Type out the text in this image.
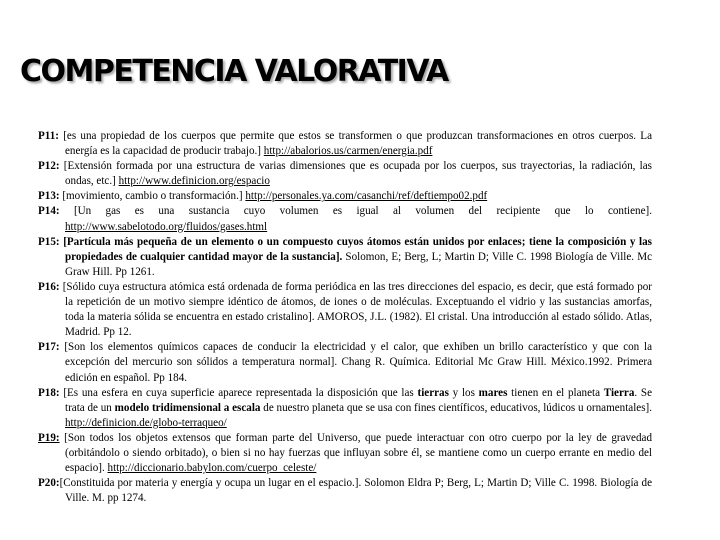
COMPETENCIA VALORATIVA

P11: [es una propiedad de los cuerpos que permite que estos se transformen o que produzcan transformaciones en otros cuerpos. La energía es la capacidad de producir trabajo.] http://abalorios.us/carmen/energia.pdf

P12: [Extensión formada por una estructura de varias dimensiones que es ocupada por los cuerpos, sus trayectorias, la radiación, las ondas, etc.] http://www.definicion.org/espacio

P13: [movimiento, cambio o transformación.] http://personales.ya.com/casanchi/ref/deftiempo02.pdf

P14: [Un gas es una sustancia cuyo volumen es igual al volumen del recipiente que lo contiene]. http://www.sabelotodo.org/fluidos/gases.html

P15: [Partícula más pequeña de un elemento o un compuesto cuyos átomos están unidos por enlaces; tiene la composición y las propiedades de cualquier cantidad mayor de la sustancia]. Solomon, E; Berg, L; Martin D; Ville C. 1998 Biología de Ville. Mc Graw Hill. Pp 1261.

P16: [Sólido cuya estructura atómica está ordenada de forma periódica en las tres direcciones del espacio, es decir, que está formado por la repetición de un motivo siempre idéntico de átomos, de iones o de moléculas. Exceptuando el vidrio y las sustancias amorfas, toda la materia sólida se encuentra en estado cristalino]. AMOROS, J.L. (1982). El cristal. Una introducción al estado sólido. Atlas, Madrid. Pp 12.

P17: [Son los elementos químicos capaces de conducir la electricidad y el calor, que exhiben un brillo característico y que con la excepción del mercurio son sólidos a temperatura normal]. Chang R. Química. Editorial Mc Graw Hill. México.1992. Primera edición en español. Pp 184.

P18: [Es una esfera en cuya superficie aparece representada la disposición que las tierras y los mares tienen en el planeta Tierra. Se trata de un modelo tridimensional a escala de nuestro planeta que se usa con fines científicos, educativos, lúdicos u ornamentales]. http://definicion.de/globo-terraqueo/

P19: [Son todos los objetos extensos que forman parte del Universo, que puede interactuar con otro cuerpo por la ley de gravedad (orbitándolo o siendo orbitado), o bien si no hay fuerzas que influyan sobre él, se mantiene como un cuerpo errante en medio del espacio]. http://diccionario.babylon.com/cuerpo_celeste/

P20:[Constituida por materia y energía y ocupa un lugar en el espacio.]. Solomon Eldra P; Berg, L; Martin D; Ville C. 1998. Biología de Ville. M. pp 1274.
